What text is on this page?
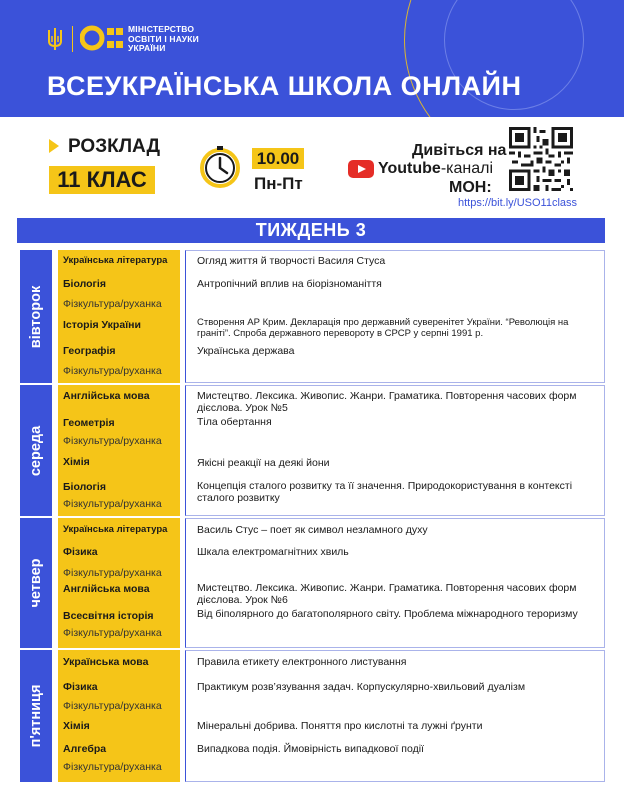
МІНІСТЕРСТВО
ОСВІТИ І НАУКИ
УКРАЇНИ
ВСЕУКРАЇНСЬКА ШКОЛА ОНЛАЙН
РОЗКЛАД
11 КЛАС
10.00
Пн-Пт
Дивіться на
Youtube-каналі
МОН:
https://bit.ly/USO11class
ТИЖДЕНЬ 3
вівторок
Українська література	Огляд життя й творчості Василя Стуса
Біологія	Антропічний вплив на біорізноманіття
Фізкультура/руханка
Історія України	Створення АР Крим. Декларація про державний суверенітет України. “Революція на граніті”. Спроба державного перевороту в СРСР у серпні 1991 р.
Географія	Українська держава
Фізкультура/руханка
середа
Англійська мова	Мистецтво. Лексика. Живопис. Жанри. Граматика. Повторення часових форм дієслова. Урок №5
Геометрія	Тіла обертання
Фізкультура/руханка
Хімія	Якісні реакції на деякі йони
Біологія	Концепція сталого розвитку та її значення. Природокористування в контексті сталого розвитку
Фізкультура/руханка
четвер
Українська література	Василь Стус – поет як символ незламного духу
Фізика	Шкала електромагнітних хвиль
Фізкультура/руханка
Англійська мова	Мистецтво. Лексика. Живопис. Жанри. Граматика. Повторення часових форм дієслова. Урок №6
Всесвітня історія	Від біполярного до багатополярного світу. Проблема міжнародного тероризму
Фізкультура/руханка
п'ятниця
Українська мова	Правила етикету електронного листування
Фізика	Практикум розв’язування задач. Корпускулярно-хвильовий дуалізм
Фізкультура/руханка
Хімія	Мінеральні добрива. Поняття про кислотні та лужні ґрунти
Алгебра	Випадкова подія. Ймовірність випадкової події
Фізкультура/руханка
